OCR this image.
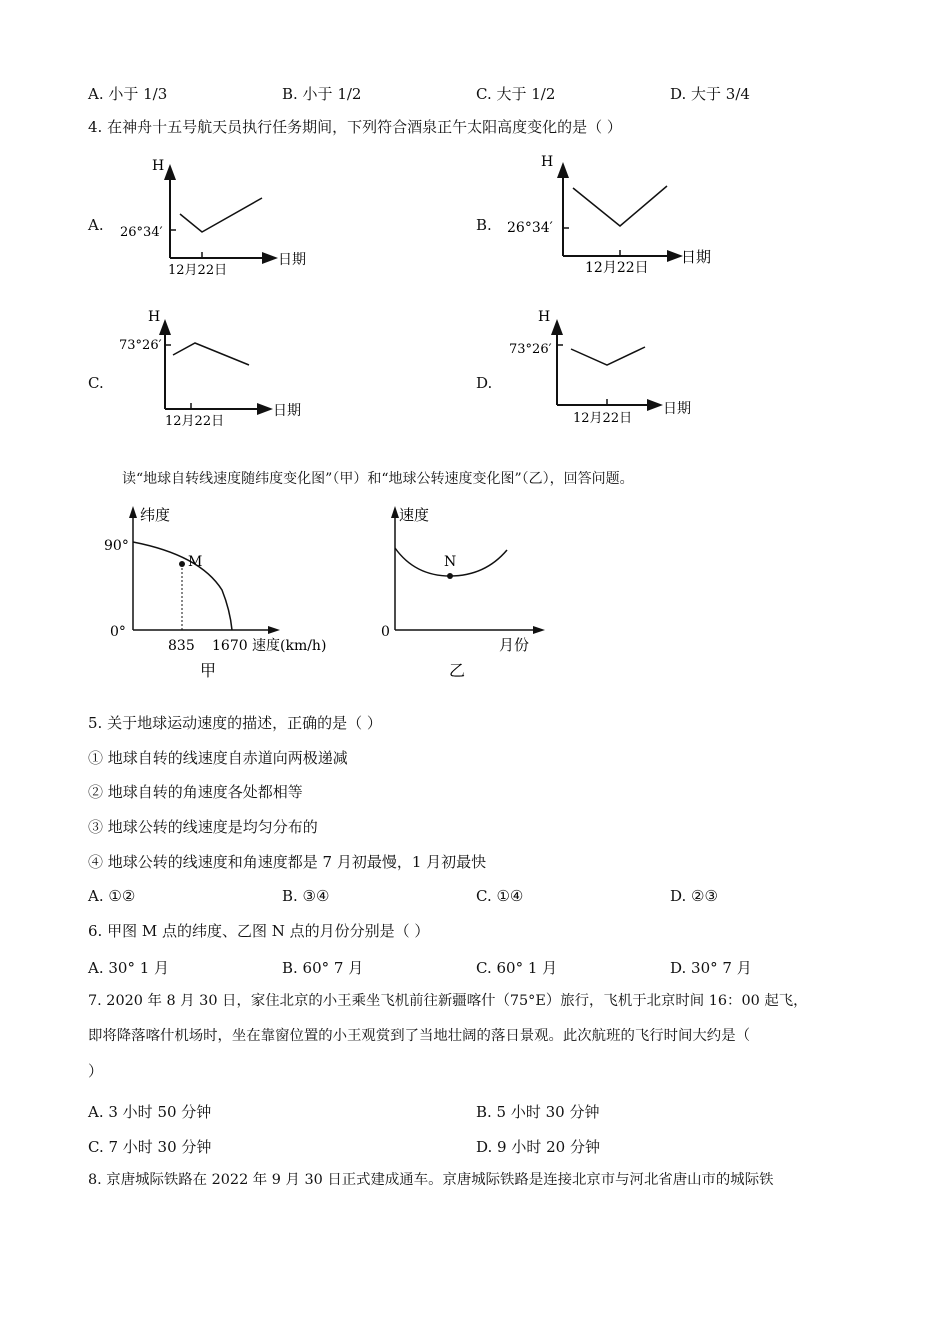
A. 小于 1/3	B. 小于 1/2	C. 大于 1/2	D. 大于 3/4
4. 在神舟十五号航天员执行任务期间，下列符合酒泉正午太阳高度变化的是（ ）
A.
H
26°34′
12月22日
日期
B.
H
26°34′
12月22日
日期
C.
H
73°26′
12月22日
日期
D.
H
73°26′
12月22日
日期
读“地球自转线速度随纬度变化图”（甲）和“地球公转速度变化图”（乙），回答问题。
纬度
90°
0°
M
835 1670 速度(km/h)
甲
速度
0
N
月份
乙
5. 关于地球运动速度的描述，正确的是（ ）
① 地球自转的线速度自赤道向两极递减
② 地球自转的角速度各处都相等
③ 地球公转的线速度是均匀分布的
④ 地球公转的线速度和角速度都是 7 月初最慢，1 月初最快
A. ①②	B. ③④	C. ①④	D. ②③
6. 甲图 M 点的纬度、乙图 N 点的月份分别是（ ）
A. 30° 1 月	B. 60° 7 月	C. 60° 1 月	D. 30° 7 月
7. 2020 年 8 月 30 日，家住北京的小王乘坐飞机前往新疆喀什（75°E）旅行，飞机于北京时间 16：00 起飞，
即将降落喀什机场时，坐在靠窗位置的小王观赏到了当地壮阔的落日景观。此次航班的飞行时间大约是（
）
A. 3 小时 50 分钟	B. 5 小时 30 分钟
C. 7 小时 30 分钟	D. 9 小时 20 分钟
8. 京唐城际铁路在 2022 年 9 月 30 日正式建成通车。京唐城际铁路是连接北京市与河北省唐山市的城际铁
